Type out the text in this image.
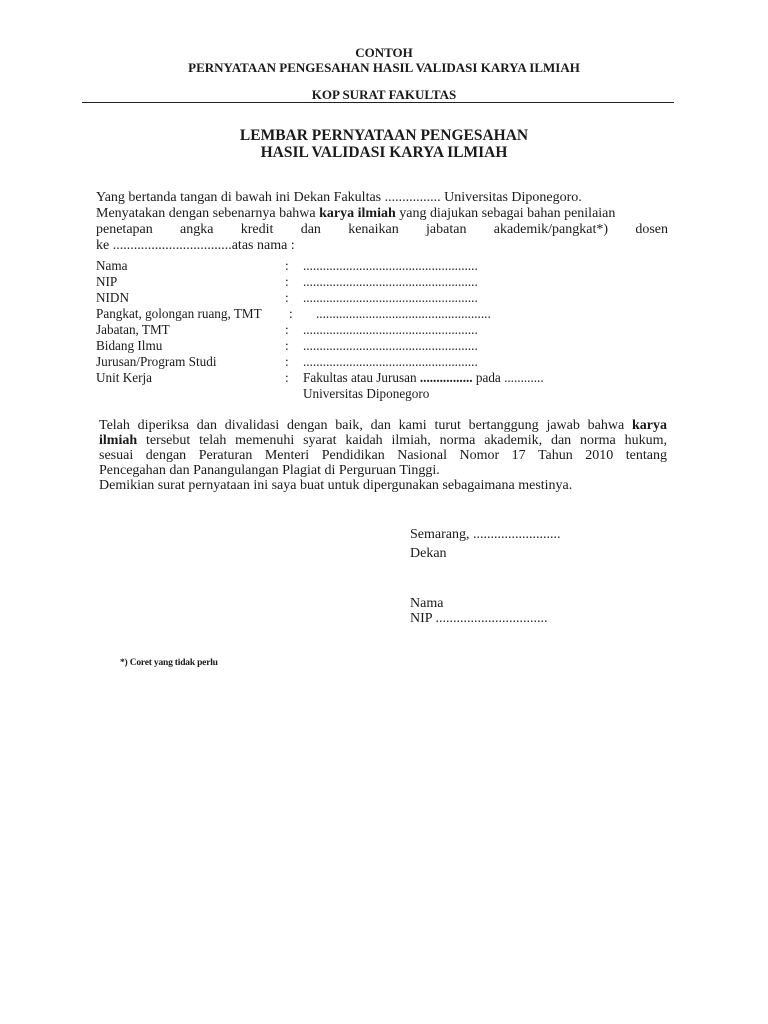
CONTOH
PERNYATAAN PENGESAHAN HASIL VALIDASI KARYA ILMIAH
KOP SURAT FAKULTAS
LEMBAR PERNYATAAN PENGESAHAN
HASIL VALIDASI KARYA ILMIAH
Yang bertanda tangan di bawah ini Dekan Fakultas ................ Universitas Diponegoro.
Menyatakan dengan sebenarnya bahwa karya ilmiah yang diajukan sebagai bahan penilaian
penetapan angka kredit dan kenaikan jabatan akademik/pangkat*) dosen
ke ..................................atas nama :
Nama	: .....................................................
NIP	: .....................................................
NIDN	: .....................................................
Pangkat, golongan ruang, TMT : .....................................................
Jabatan, TMT	: .....................................................
Bidang Ilmu	: .....................................................
Jurusan/Program Studi	: .....................................................
Unit Kerja	: Fakultas atau Jurusan ................ pada ............
Universitas Diponegoro
Telah diperiksa dan divalidasi dengan baik, dan kami turut bertanggung jawab bahwa karya
ilmiah tersebut telah memenuhi syarat kaidah ilmiah, norma akademik, dan norma hukum,
sesuai dengan Peraturan Menteri Pendidikan Nasional Nomor 17 Tahun 2010 tentang
Pencegahan dan Panangulangan Plagiat di Perguruan Tinggi.
Demikian surat pernyataan ini saya buat untuk dipergunakan sebagaimana mestinya.
Semarang, .........................
Dekan
Nama
NIP ................................
*) Coret yang tidak perlu
